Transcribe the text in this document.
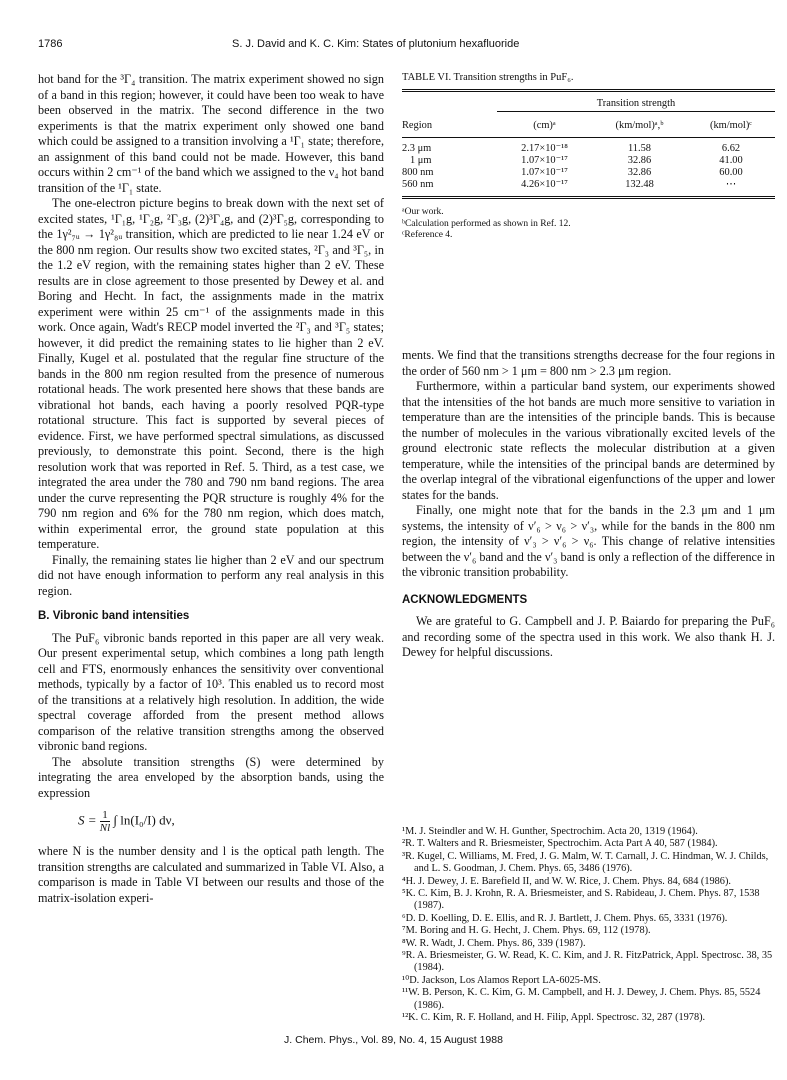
1786	S. J. David and K. C. Kim: States of plutonium hexafluoride

hot band for the ³Γ₄ transition. The matrix experiment showed no sign of a band in this region; however, it could have been too weak to have been observed in the matrix. The second difference in the two experiments is that the matrix experiment only showed one band which could be assigned to a transition involving a ¹Γ₁ state; therefore, an assignment of this band could not be made. However, this band occurs within 2 cm⁻¹ of the band which we assigned to the ν₄ hot band transition of the ¹Γ₁ state.

The one-electron picture begins to break down with the next set of excited states, ¹Γ₁g, ¹Γ₂g, ²Γ₃g, (2)³Γ₄g, and (2)³Γ₅g, corresponding to the 1γ²₇ᵤ → 1γ²₈ᵤ transition, which are predicted to lie near 1.24 eV or the 800 nm region. Our results show two excited states, ²Γ₃ and ³Γ₅, in the 1.2 eV region, with the remaining states higher than 2 eV. These results are in close agreement to those presented by Dewey et al. and Boring and Hecht. In fact, the assignments made in the matrix experiment were within 25 cm⁻¹ of the assignments made in this work. Once again, Wadt's RECP model inverted the ²Γ₃ and ³Γ₅ states; however, it did predict the remaining states to lie higher than 2 eV. Finally, Kugel et al. postulated that the regular fine structure of the bands in the 800 nm region resulted from the presence of numerous rotational heads. The work presented here shows that these bands are vibrational hot bands, each having a poorly resolved PQR-type rotational structure. This fact is supported by several pieces of evidence. First, we have performed spectral simulations, as discussed previously, to demonstrate this point. Second, there is the high resolution work that was reported in Ref. 5. Third, as a test case, we integrated the area under the 780 and 790 nm band regions. The area under the curve representing the PQR structure is roughly 4% for the 790 nm region and 6% for the 780 nm region, which does match, within experimental error, the ground state population at this temperature.

Finally, the remaining states lie higher than 2 eV and our spectrum did not have enough information to perform any real analysis in this region.

B. Vibronic band intensities

The PuF₆ vibronic bands reported in this paper are all very weak. Our present experimental setup, which combines a long path length cell and FTS, enormously enhances the sensitivity over conventional methods, typically by a factor of 10³. This enabled us to record most of the transitions at a relatively high resolution. In addition, the wide spectral coverage afforded from the present method allows comparison of the relative transition strengths among the observed vibronic band regions.

The absolute transition strengths (S) were determined by integrating the area enveloped by the absorption bands, using the expression

$S = \frac{1}{Nl}$ ∫ ln(I₀/I) dν,

where N is the number density and l is the optical path length. The transition strengths are calculated and summarized in Table VI. Also, a comparison is made in Table VI between our results and those of the matrix-isolation experi-

TABLE VI. Transition strengths in PuF₆.
	Transition strength		
Region	(cm)ᵃ	(km/mol)ᵃ,ᵇ	(km/mol)ᶜ
2.3 μm	2.17×10⁻¹⁸	11.58	6.62
1 μm	1.07×10⁻¹⁷	32.86	41.00
800 nm	1.07×10⁻¹⁷	32.86	60.00
560 nm	4.26×10⁻¹⁷	132.48	⋯

ᵃOur work.
ᵇCalculation performed as shown in Ref. 12.
ᶜReference 4.

ments. We find that the transitions strengths decrease for the four regions in the order of 560 nm > 1 μm = 800 nm > 2.3 μm region.

Furthermore, within a particular band system, our experiments showed that the intensities of the hot bands are much more sensitive to variation in temperature than are the intensities of the principle bands. This is because the number of molecules in the various vibrationally excited levels of the ground electronic state reflects the molecular distribution at a given temperature, while the intensities of the principal bands are determined by the overlap integral of the vibrational eigenfunctions of the upper and lower states for the bands.

Finally, one might note that for the bands in the 2.3 μm and 1 μm systems, the intensity of ν′₆ > ν₆ > ν′₃, while for the bands in the 800 nm region, the intensity of ν′₃ > ν′₆ > ν₆. This change of relative intensities between the ν′₆ band and the ν′₃ band is only a reflection of the difference in the vibronic transition probability.

ACKNOWLEDGMENTS

We are grateful to G. Campbell and J. P. Baiardo for preparing the PuF₆ and recording some of the spectra used in this work. We also thank H. J. Dewey for helpful discussions.

¹M. J. Steindler and W. H. Gunther, Spectrochim. Acta 20, 1319 (1964).

²R. T. Walters and R. Briesmeister, Spectrochim. Acta Part A 40, 587 (1984).

³R. Kugel, C. Williams, M. Fred, J. G. Malm, W. T. Carnall, J. C. Hindman, W. J. Childs, and L. S. Goodman, J. Chem. Phys. 65, 3486 (1976).

⁴H. J. Dewey, J. E. Barefield II, and W. W. Rice, J. Chem. Phys. 84, 684 (1986).

⁵K. C. Kim, B. J. Krohn, R. A. Briesmeister, and S. Rabideau, J. Chem. Phys. 87, 1538 (1987).

⁶D. D. Koelling, D. E. Ellis, and R. J. Bartlett, J. Chem. Phys. 65, 3331 (1976).

⁷M. Boring and H. G. Hecht, J. Chem. Phys. 69, 112 (1978).

⁸W. R. Wadt, J. Chem. Phys. 86, 339 (1987).

⁹R. A. Briesmeister, G. W. Read, K. C. Kim, and J. R. FitzPatrick, Appl. Spectrosc. 38, 35 (1984).

¹⁰D. Jackson, Los Alamos Report LA-6025-MS.

¹¹W. B. Person, K. C. Kim, G. M. Campbell, and H. J. Dewey, J. Chem. Phys. 85, 5524 (1986).

¹²K. C. Kim, R. F. Holland, and H. Filip, Appl. Spectrosc. 32, 287 (1978).

J. Chem. Phys., Vol. 89, No. 4, 15 August 1988
